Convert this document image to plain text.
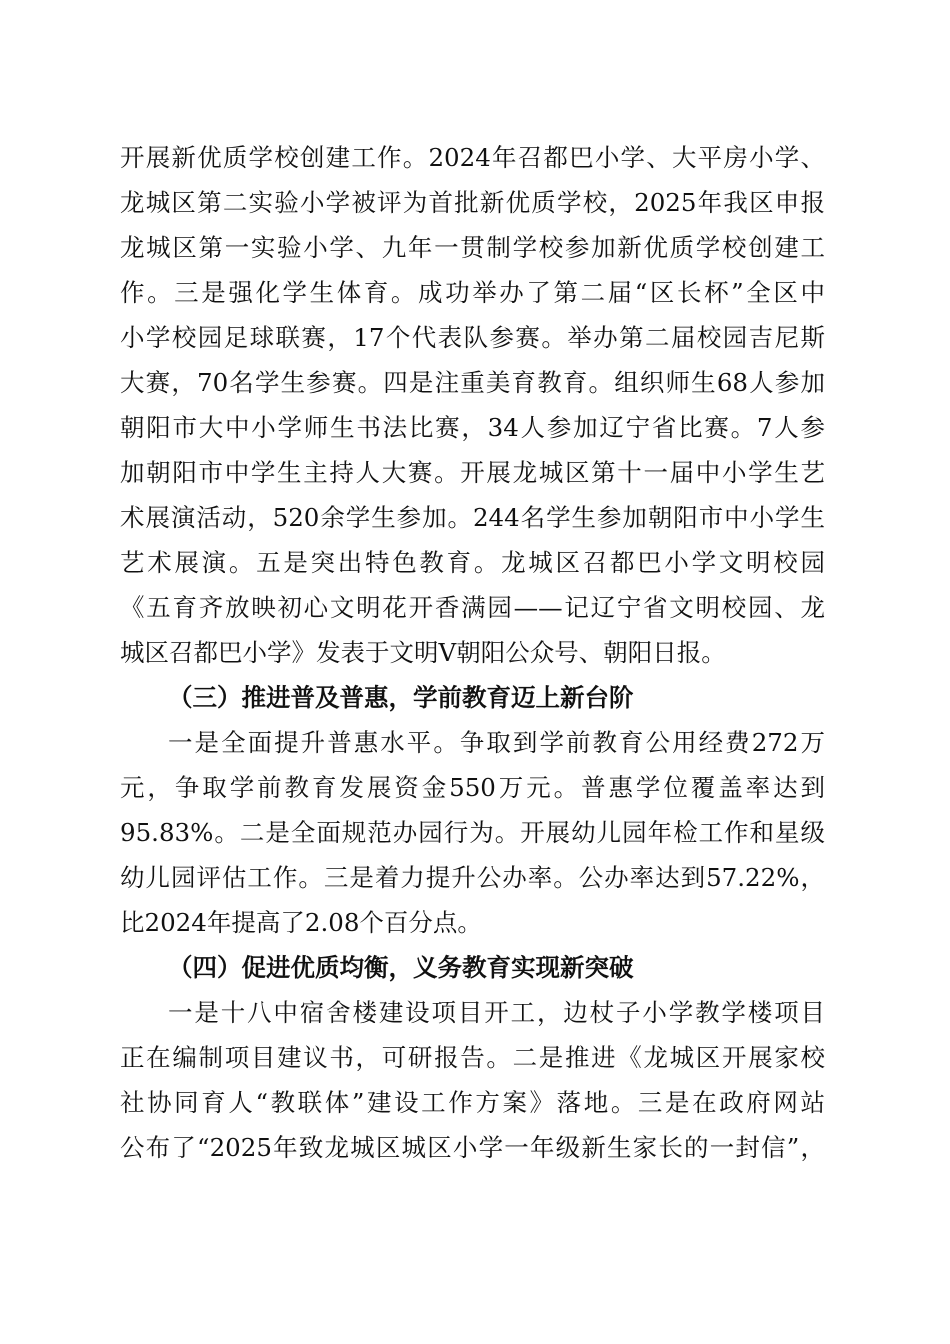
开展新优质学校创建工作。2024年召都巴小学、大平房小学、
龙城区第二实验小学被评为首批新优质学校，2025年我区申报
龙城区第一实验小学、九年一贯制学校参加新优质学校创建工
作。三是强化学生体育。成功举办了第二届“区长杯”全区中
小学校园足球联赛，17个代表队参赛。举办第二届校园吉尼斯
大赛，70名学生参赛。四是注重美育教育。组织师生68人参加
朝阳市大中小学师生书法比赛，34人参加辽宁省比赛。7人参
加朝阳市中学生主持人大赛。开展龙城区第十一届中小学生艺
术展演活动，520余学生参加。244名学生参加朝阳市中小学生
艺术展演。五是突出特色教育。龙城区召都巴小学文明校园
《五育齐放映初心文明花开香满园——记辽宁省文明校园、龙
城区召都巴小学》发表于文明V朝阳公众号、朝阳日报。
（三）推进普及普惠，学前教育迈上新台阶
一是全面提升普惠水平。争取到学前教育公用经费272万
元，争取学前教育发展资金550万元。普惠学位覆盖率达到
95.83%。二是全面规范办园行为。开展幼儿园年检工作和星级
幼儿园评估工作。三是着力提升公办率。公办率达到57.22%，
比2024年提高了2.08个百分点。
（四）促进优质均衡，义务教育实现新突破
一是十八中宿舍楼建设项目开工，边杖子小学教学楼项目
正在编制项目建议书，可研报告。二是推进《龙城区开展家校
社协同育人“教联体”建设工作方案》落地。三是在政府网站
公布了“2025年致龙城区城区小学一年级新生家长的一封信”，
